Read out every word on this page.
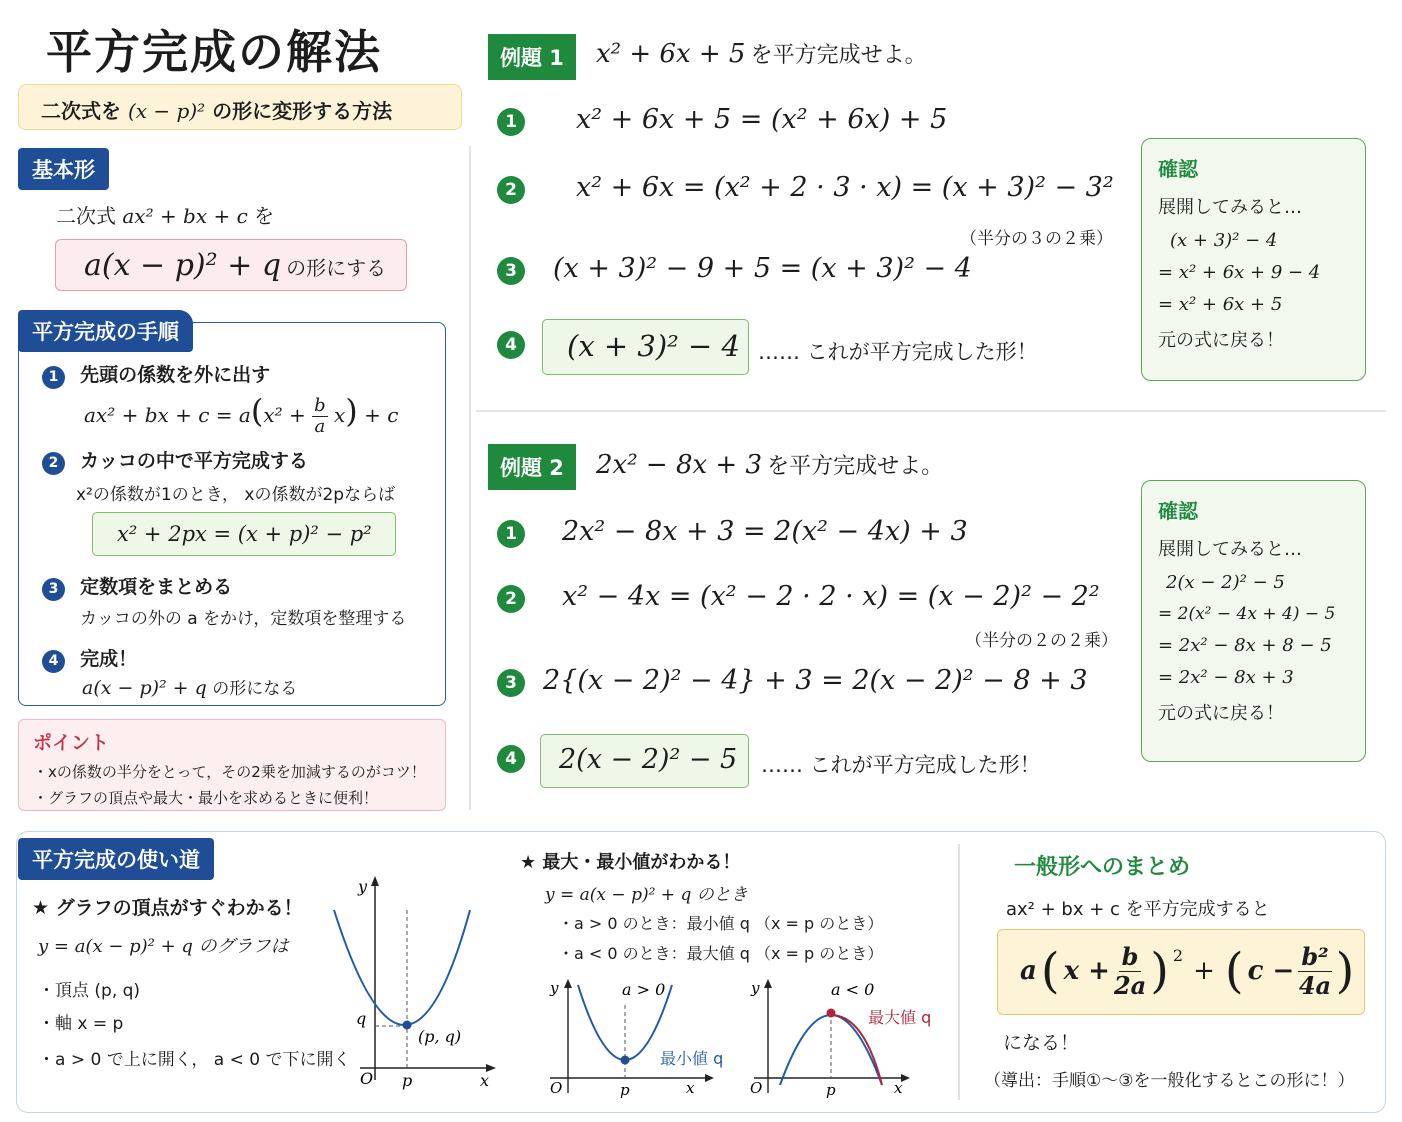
平方完成の解法
二次式を (x − p)² の形に変形する方法
基本形
二次式 ax² + bx + c を
a(x − p)² + q の形にする
平方完成の手順
1 先頭の係数を外に出す
ax² + bx + $c = a(x^2 + \frac{b}{a} x) + c$
2 カッコの中で平方完成する
x²の係数が1のとき， xの係数が2pならば
x² + 2px = (x + p)² − p²
3 定数項をまとめる
カッコの外の a をかけ，定数項を整理する
4 完成！
a(x − p)² + q の形になる
ポイント
・xの係数の半分をとって，その2乗を加減するのがコツ！
・グラフの頂点や最大・最小を求めるときに便利！
例題 1	x² + 6x + 5 を平方完成せよ。
1 x² + 6x + 5 = (x² + 6x) + 5
2 x² + 6x = (x² + 2 · 3 · x) = (x + 3)² − 3²
（半分の３の２乗）
3 (x + 3)² − 9 + 5 = (x + 3)² − 4
4	(x + 3)² − 4 …… これが平方完成した形！
確認
展開してみると…
(x + 3)² − 4
= x² + 6x + 9 − 4
= x² + 6x + 5
元の式に戻る！
例題 2	2x² − 8x + 3 を平方完成せよ。
1 2x² − 8x + 3 = 2(x² − 4x) + 3
2 x² − 4x = (x² − 2 · 2 · x) = (x − 2)² − 2²
（半分の２の２乗）
3 2{(x − 2)² − 4} + 3 = 2(x − 2)² − 8 + 3
4	2(x − 2)² − 5	…… これが平方完成した形！
確認
展開してみると…
2(x − 2)² − 5
= 2(x² − 4x + 4) − 5
= 2x² − 8x + 8 − 5
= 2x² − 8x + 3
元の式に戻る！
平方完成の使い道
★ グラフの頂点がすぐわかる！
y = a(x − p)² + q のグラフは
・頂点 (p, q)
・軸 x = p
・a > 0 で上に開く， a < 0 で下に開く
y
x
O p
q
(p, q)
★ 最大・最小値がわかる！
y = a(x − p)² + q のとき
・a > 0 のとき：最小値 q （x = p のとき）
・a < 0 のとき：最大値 q （x = p のとき）
a > 0
最小値 q
y
x
O	p
a < 0
最大値 q
y
x
O	p
一般形へのまとめ
ax² + bx + c を平方完成すると
a ( $x + \frac{b}{2a}$ ) 2
+ ( $c - \frac{\text{b²}}{4a}$ )
になる！
（導出：手順①〜③を一般化するとこの形に！）
